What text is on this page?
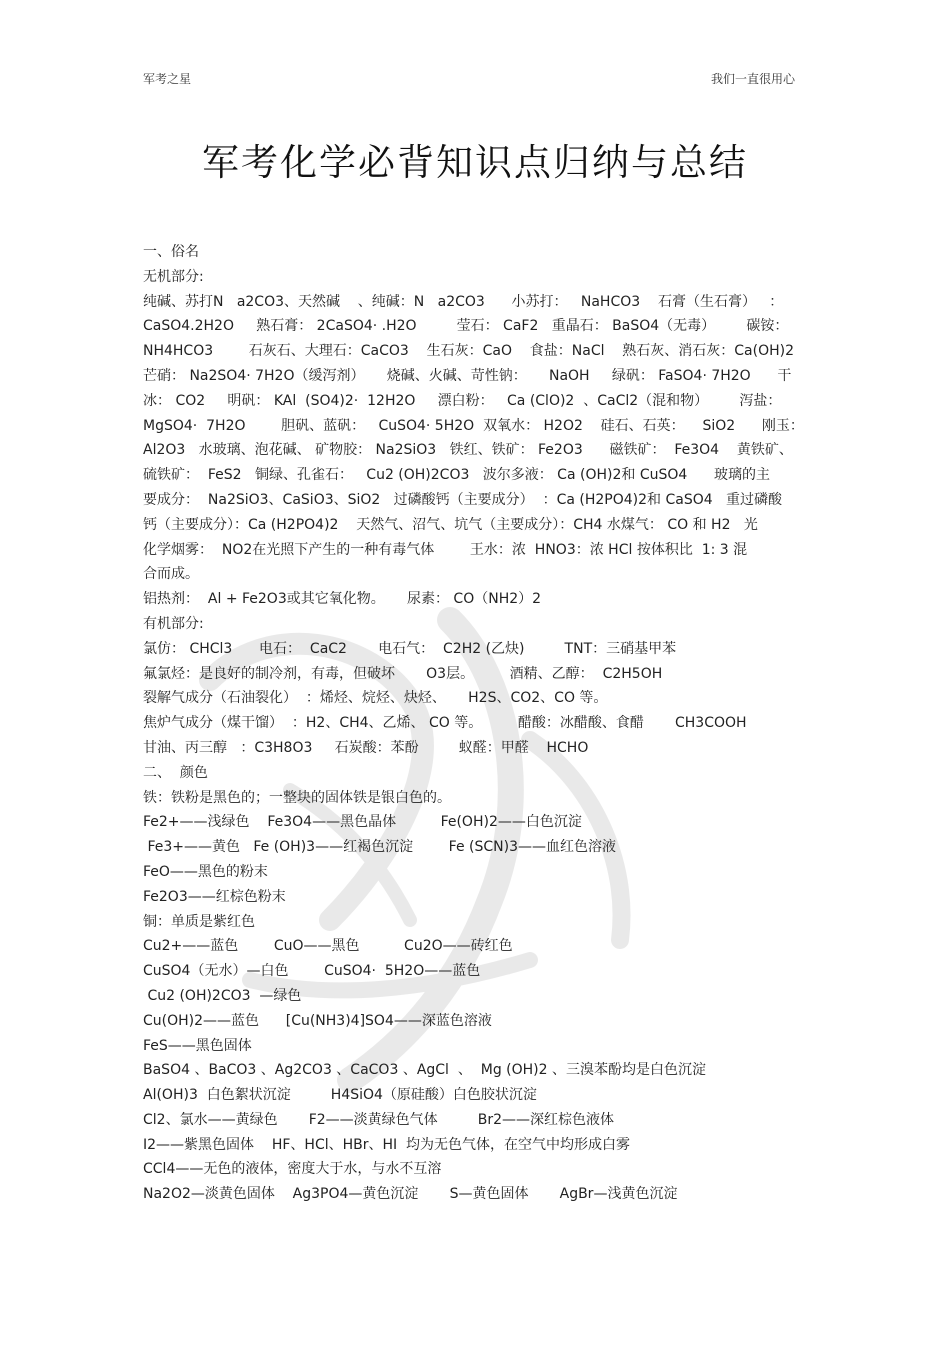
军考之星	我们一直很用心
军考化学必背知识点归纳与总结
一、俗名
无机部分:
纯碱、苏打N   a2CO3、天然碱    、纯碱：N   a2CO3      小苏打：   NaHCO3    石膏（生石膏）   ：
CaSO4.2H2O     熟石膏： 2CaSO4· .H2O         莹石： CaF2   重晶石： BaSO4（无毒）       碳铵：
NH4HCO3        石灰石、大理石：CaCO3    生石灰：CaO    食盐：NaCl    熟石灰、消石灰：Ca(OH)2
芒硝： Na2SO4· 7H2O（缓泻剂）     烧碱、火碱、苛性钠：     NaOH     绿矾： FaSO4· 7H2O      干
冰： CO2     明矾： KAl  (SO4)2·  12H2O     漂白粉：   Ca (ClO)2  、CaCl2（混和物）       泻盐：
MgSO4·  7H2O        胆矾、蓝矾：   CuSO4· 5H2O  双氧水： H2O2    硅石、石英：    SiO2      刚玉：
Al2O3   水玻璃、泡花碱、 矿物胶： Na2SiO3   铁红、铁矿： Fe2O3      磁铁矿：  Fe3O4    黄铁矿、
硫铁矿：  FeS2   铜绿、孔雀石：   Cu2 (OH)2CO3   波尔多液： Ca (OH)2和 CuSO4      玻璃的主
要成分：  Na2SiO3、CaSiO3、SiO2   过磷酸钙（主要成分）  ：Ca (H2PO4)2和 CaSO4   重过磷酸
钙（主要成分）：Ca (H2PO4)2    天然气、沼气、坑气（主要成分）：CH4 水煤气： CO 和 H2   光
化学烟雾：  NO2在光照下产生的一种有毒气体        王水：浓  HNO3：浓 HCl 按体积比  1: 3 混
合而成。
铝热剂：  Al + Fe2O3或其它氧化物。     尿素： CO（NH2）2
有机部分:
氯仿： CHCl3      电石：  CaC2       电石气：  C2H2 (乙炔)         TNT：三硝基甲苯
氟氯烃：是良好的制冷剂，有毒，但破坏       O3层。        酒精、乙醇：  C2H5OH
裂解气成分（石油裂化）  ：烯烃、烷烃、炔烃、     H2S、CO2、CO 等。
焦炉气成分（煤干馏）  ：H2、CH4、乙烯、 CO 等。        醋酸：冰醋酸、食醋       CH3COOH
甘油、丙三醇   ：C3H8O3     石炭酸：苯酚         蚁醛：甲醛    HCHO
二、  颜色
铁：铁粉是黑色的；一整块的固体铁是银白色的。
Fe2+——浅绿色    Fe3O4——黑色晶体          Fe(OH)2——白色沉淀
Fe3+——黄色   Fe (OH)3——红褐色沉淀        Fe (SCN)3——血红色溶液
FeO——黑色的粉末
Fe2O3——红棕色粉末
铜：单质是紫红色
Cu2+——蓝色        CuO——黑色          Cu2O——砖红色
CuSO4（无水）—白色        CuSO4·  5H2O——蓝色
Cu2 (OH)2CO3  —绿色
Cu(OH)2——蓝色      [Cu(NH3)4]SO4——深蓝色溶液
FeS——黑色固体
BaSO4 、BaCO3 、Ag2CO3 、CaCO3 、AgCl  、  Mg (OH)2 、三溴苯酚均是白色沉淀
Al(OH)3  白色絮状沉淀         H4SiO4（原硅酸）白色胶状沉淀
Cl2、氯水——黄绿色       F2——淡黄绿色气体         Br2——深红棕色液体
I2——紫黑色固体    HF、HCl、HBr、HI  均为无色气体，在空气中均形成白雾
CCl4——无色的液体，密度大于水，与水不互溶
Na2O2—淡黄色固体    Ag3PO4—黄色沉淀       S—黄色固体       AgBr—浅黄色沉淀
